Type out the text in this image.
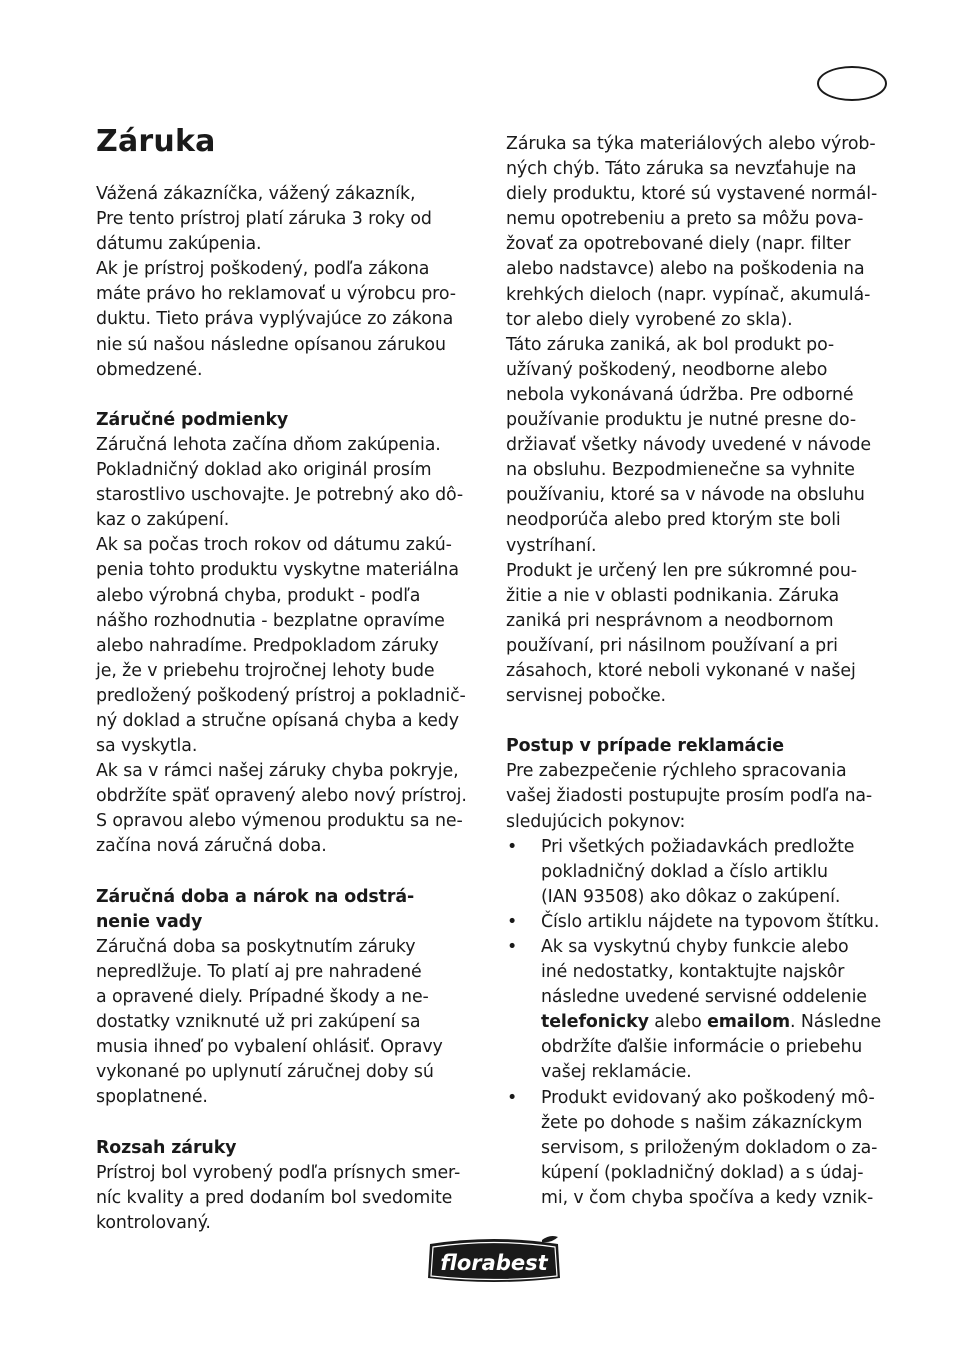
Záruka
Vážená zákazníčka, vážený zákazník,
Pre tento prístroj platí záruka 3 roky od
dátumu zakúpenia.
Ak je prístroj poškodený, podľa zákona
máte právo ho reklamovať u výrobcu pro-
duktu. Tieto práva vyplývajúce zo zákona
nie sú našou následne opísanou zárukou
obmedzené.
Záručné podmienky
Záručná lehota začína dňom zakúpenia.
Pokladničný doklad ako originál prosím
starostlivo uschovajte. Je potrebný ako dô-
kaz o zakúpení.
Ak sa počas troch rokov od dátumu zakú-
penia tohto produktu vyskytne materiálna
alebo výrobná chyba, produkt - podľa
nášho rozhodnutia - bezplatne opravíme
alebo nahradíme. Predpokladom záruky
je, že v priebehu trojročnej lehoty bude
predložený poškodený prístroj a pokladnič-
ný doklad a stručne opísaná chyba a kedy
sa vyskytla.
Ak sa v rámci našej záruky chyba pokryje,
obdržíte späť opravený alebo nový prístroj.
S opravou alebo výmenou produktu sa ne-
začína nová záručná doba.
Záručná doba a nárok na odstrá-
nenie vady
Záručná doba sa poskytnutím záruky
nepredlžuje. To platí aj pre nahradené
a opravené diely. Prípadné škody a ne-
dostatky vzniknuté už pri zakúpení sa
musia ihneď po vybalení ohlásiť. Opravy
vykonané po uplynutí záručnej doby sú
spoplatnené.
Rozsah záruky
Prístroj bol vyrobený podľa prísnych smer-
níc kvality a pred dodaním bol svedomite
kontrolovaný.
Záruka sa týka materiálových alebo výrob-
ných chýb. Táto záruka sa nevzťahuje na
diely produktu, ktoré sú vystavené normál-
nemu opotrebeniu a preto sa môžu pova-
žovať za opotrebované diely (napr. filter
alebo nadstavce) alebo na poškodenia na
krehkých dieloch (napr. vypínač, akumulá-
tor alebo diely vyrobené zo skla).
Táto záruka zaniká, ak bol produkt po-
užívaný poškodený, neodborne alebo
nebola vykonávaná údržba. Pre odborné
používanie produktu je nutné presne do-
držiavať všetky návody uvedené v návode
na obsluhu. Bezpodmienečne sa vyhnite
používaniu, ktoré sa v návode na obsluhu
neodporúča alebo pred ktorým ste boli
vystríhaní.
Produkt je určený len pre súkromné pou-
žitie a nie v oblasti podnikania. Záruka
zaniká pri nesprávnom a neodbornom
používaní, pri násilnom používaní a pri
zásahoch, ktoré neboli vykonané v našej
servisnej pobočke.
Postup v prípade reklamácie
Pre zabezpečenie rýchleho spracovania
vašej žiadosti postupujte prosím podľa na-
sledujúcich pokynov:
• Pri všetkých požiadavkách predložte
pokladničný doklad a číslo artiklu
(IAN 93508) ako dôkaz o zakúpení.
• Číslo artiklu nájdete na typovom štítku.
• Ak sa vyskytnú chyby funkcie alebo
iné nedostatky, kontaktujte najskôr
následne uvedené servisné oddelenie
telefonicky alebo emailom. Následne
obdržíte ďalšie informácie o priebehu
vašej reklamácie.
• Produkt evidovaný ako poškodený mô-
žete po dohode s našim zákazníckym
servisom, s priloženým dokladom o za-
kúpení (pokladničný doklad) a s údaj-
mi, v čom chyba spočíva a kedy vznik-
florabest
